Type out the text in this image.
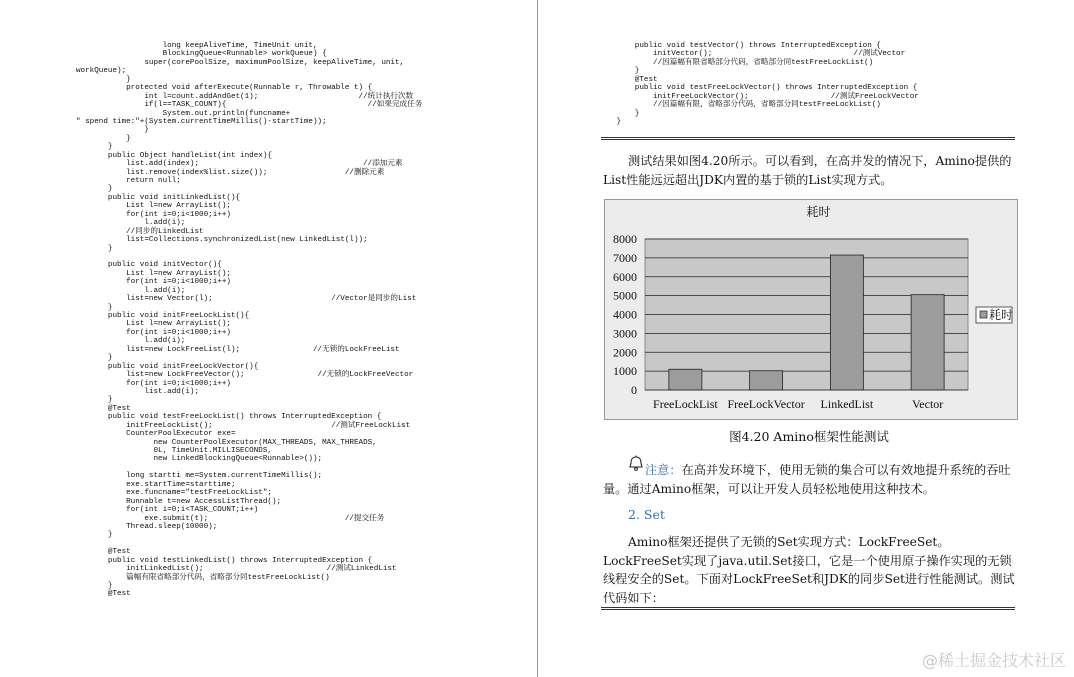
long keepAliveTime, TimeUnit unit,
BlockingQueue<Runnable> workQueue) {
super(corePoolSize, maximumPoolSize, keepAliveTime, unit,
workQueue);
}
protected void afterExecute(Runnable r, Throwable t) {
int l=count.addAndGet(1);                      //统计执行次数
if(l==TASK_COUNT){                               //如果完成任务
System.out.println(funcname+
" spend time:"+(System.currentTimeMillis()-startTime));
}
}
}
public Object handleList(int index){
list.add(index);                                    //添加元素
list.remove(index%list.size());                 //删除元素
return null;
}
public void initLinkedList(){
List l=new ArrayList();
for(int i=0;i<1000;i++)
l.add(i);
//同步的LinkedList
list=Collections.synchronizedList(new LinkedList(l));
}
public void initVector(){
List l=new ArrayList();
for(int i=0;i<1000;i++)
l.add(i);
list=new Vector(l);                          //Vector是同步的List
}
public void initFreeLockList(){
List l=new ArrayList();
for(int i=0;i<1000;i++)
l.add(i);
list=new LockFreeList(l);                //无锁的LockFreeList
}
public void initFreeLockVector(){
list=new LockFreeVector();                //无锁的LockFreeVector
for(int i=0;i<1000;i++)
list.add(i);
}
@Test
public void testFreeLockList() throws InterruptedException {
initFreeLockList();                          //测试FreeLockList
CounterPoolExecutor exe=
new CounterPoolExecutor(MAX_THREADS, MAX_THREADS,
0L, TimeUnit.MILLISECONDS,
new LinkedBlockingQueue<Runnable>());
long startti me=System.currentTimeMillis();
exe.startTime=starttime;
exe.funcname="testFreeLockList";
Runnable t=new AccessListThread();
for(int i=0;i<TASK_COUNT;i++)
exe.submit(t);                              //提交任务
Thread.sleep(10000);
}
@Test
public void testLinkedList() throws InterruptedException {
initLinkedList();                           //测试LinkedList
篇幅有限省略部分代码，省略部分同testFreeLockList()
}
@Test
public void testVector() throws InterruptedException {
initVector();                               //测试Vector
//因篇幅有限省略部分代码，省略部分同testFreeLockList()
}
@Test
public void testFreeLockVector() throws InterruptedException {
initFreeLockVector();                  //测试FreeLockVector
//因篇幅有限，省略部分代码，省略部分同testFreeLockList()
}
}

测试结果如图4.20所示。可以看到，在高并发的情况下，Amino提供的List性能远远超出JDK内置的基于锁的List实现方式。

0
1000
2000
3000
4000
5000
6000
7000
8000
耗时
FreeLockList FreeLockVector LinkedList	Vector
耗时
图4.20 Amino框架性能测试

注意：在高并发环境下，使用无锁的集合可以有效地提升系统的吞吐量。通过Amino框架，可以让开发人员轻松地使用这种技术。

2. Set

Amino框架还提供了无锁的Set实现方式：LockFreeSet。LockFreeSet实现了java.util.Set接口，它是一个使用原子操作实现的无锁线程安全的Set。下面对LockFreeSet和JDK的同步Set进行性能测试。测试代码如下：

@稀土掘金技术社区
